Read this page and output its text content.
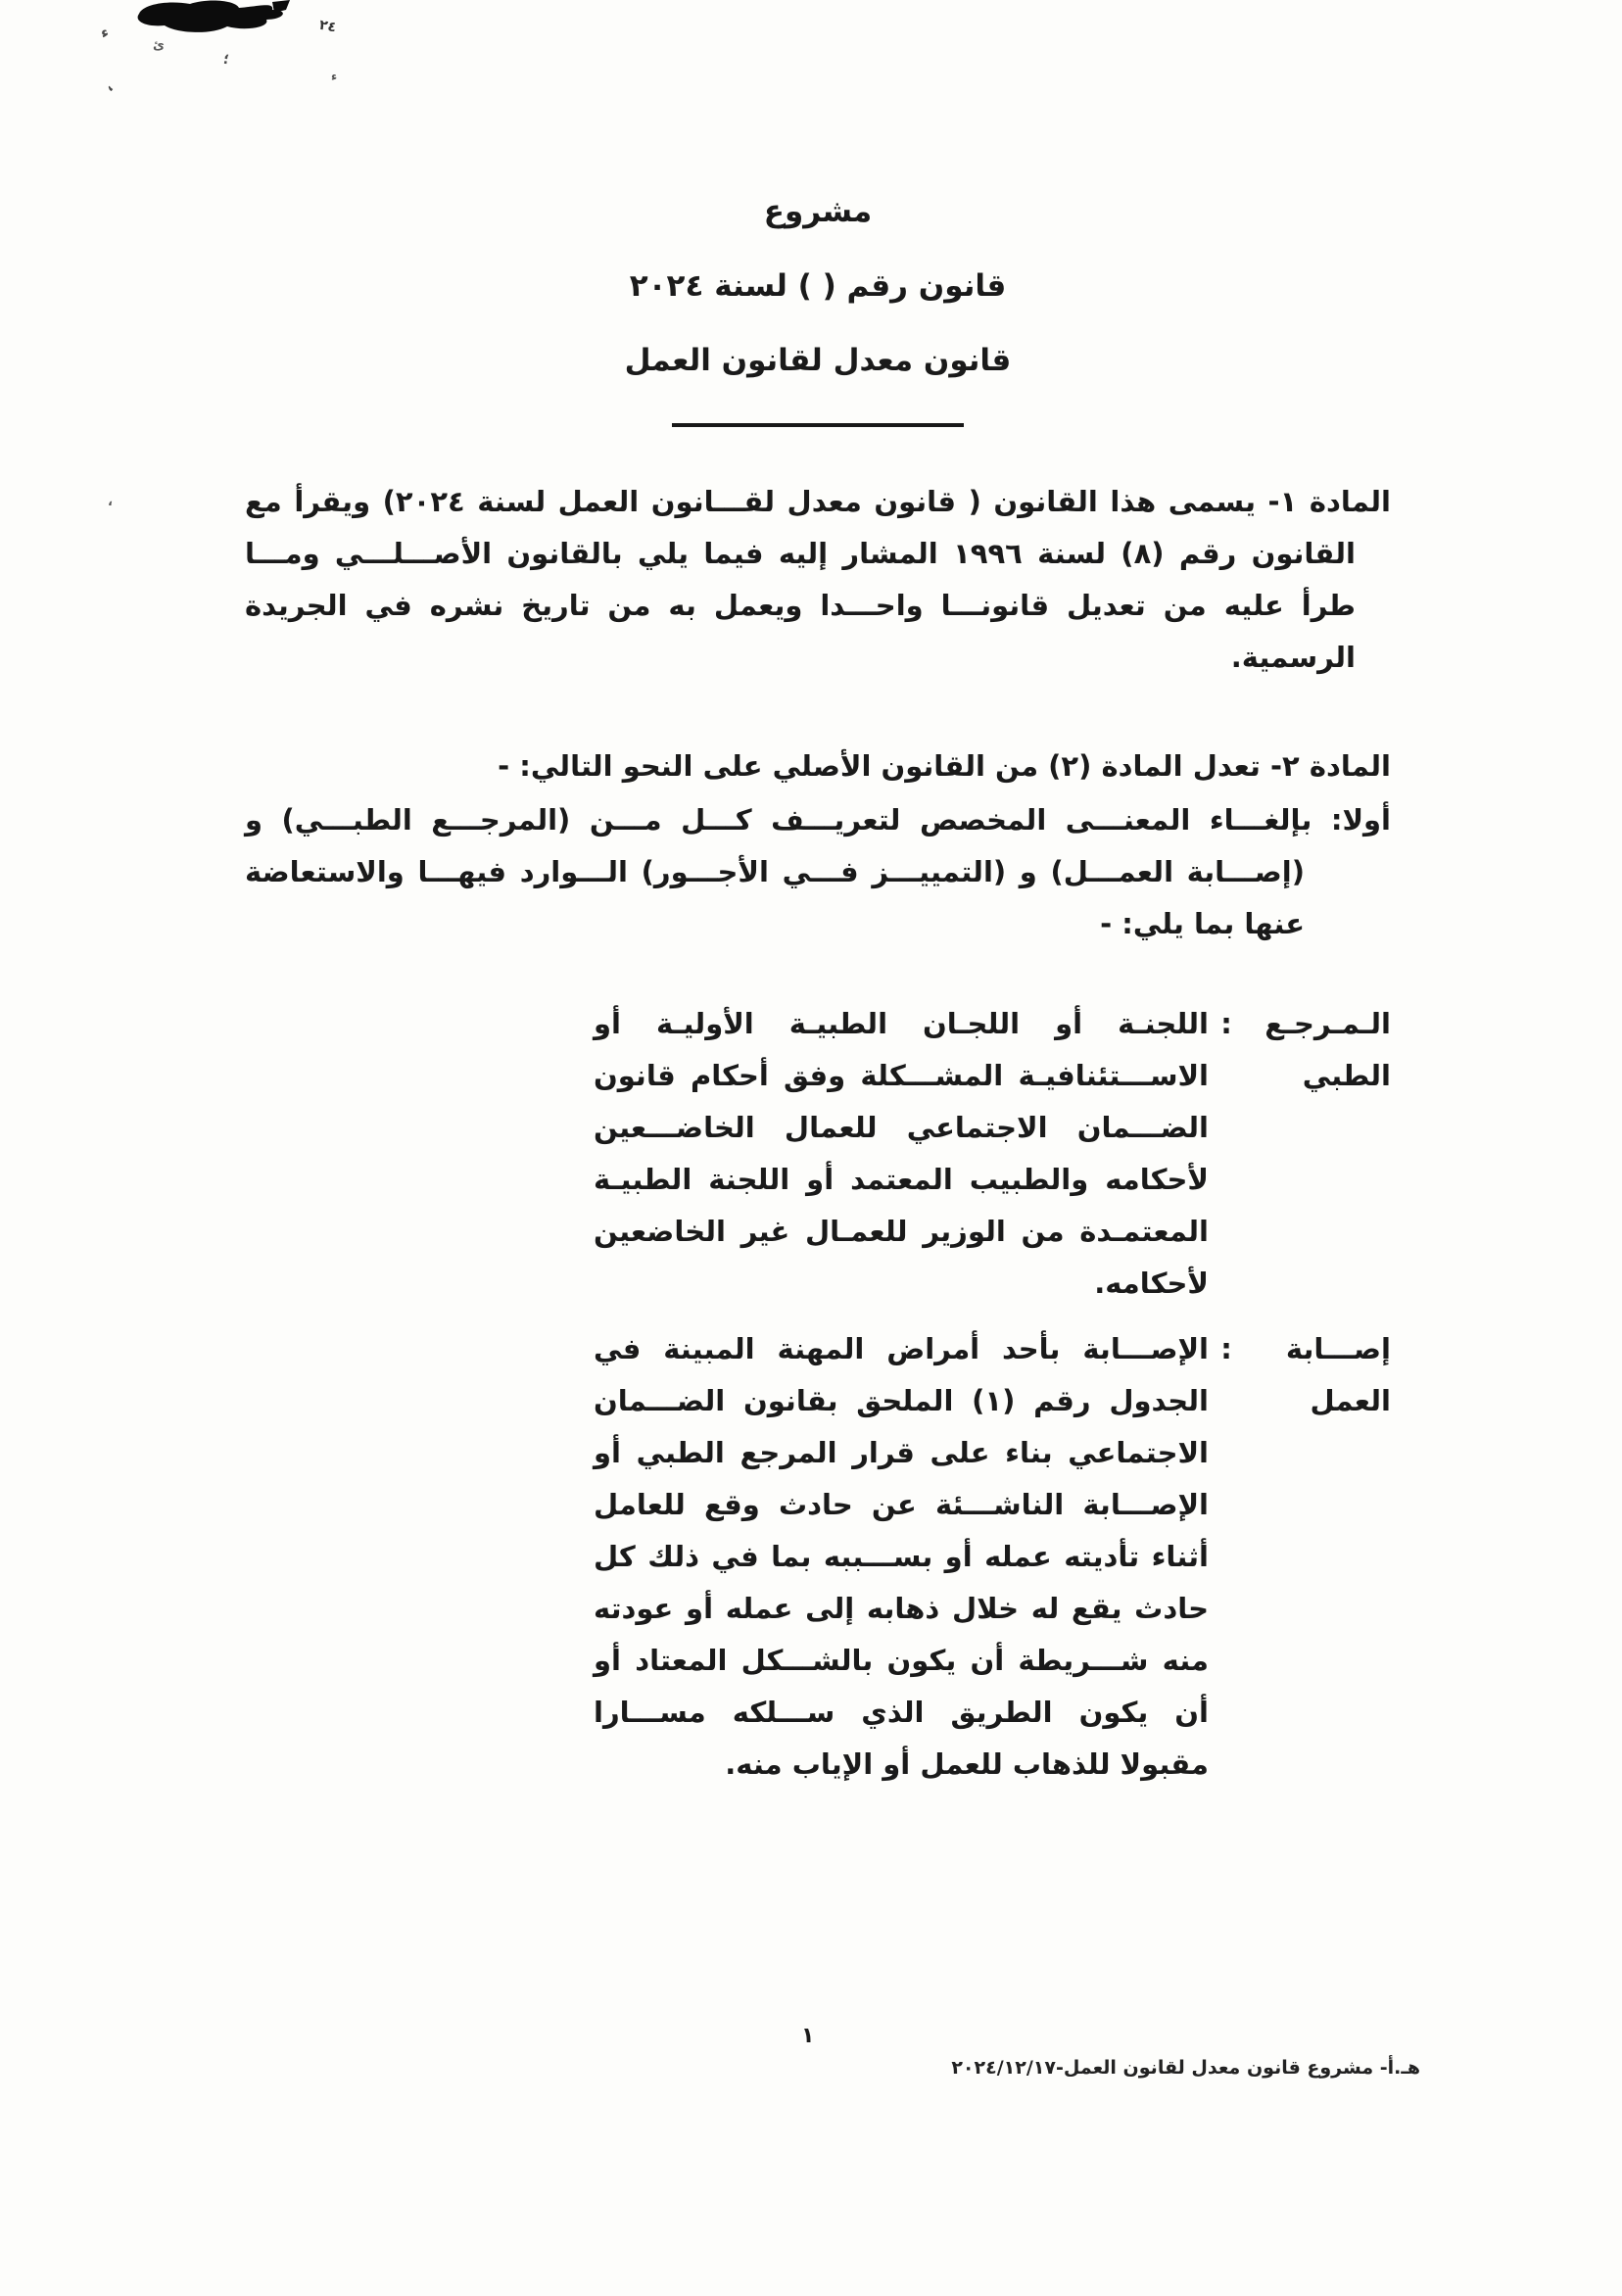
ء
ئ
؛
٢٤
ء
،
،
مشروع
قانون رقم ( ) لسنة ٢٠٢٤
قانون معدل لقانون العمل

المادة ١- يسمى هذا القانون ( قانون معدل لقـــانون العمل لسنة ٢٠٢٤) ويقرأ مع القانون رقم (٨) لسنة ١٩٩٦ المشار إليه فيما يلي بالقانون الأصـــلـــي ومـــا طرأ عليه من تعديل قانونـــا واحـــدا ويعمل به من تاريخ نشره في الجريدة الرسمية.

المادة ٢- تعدل المادة (٢) من القانون الأصلي على النحو التالي: -

أولا: بإلغـــاء المعنـــى المخصص لتعريـــف كـــل مـــن (المرجـــع الطبـــي) و (إصـــابة العمـــل) و (التمييـــز فـــي الأجـــور) الـــوارد فيهـــا والاستعاضة عنها بما يلي: -

الـمـرجـع
الطبي
:

اللجنـة أو اللجـان الطبيـة الأوليـة أو الاســـتئنافيـة المشـــكلة وفق أحكام قانون الضـــمان الاجتماعي للعمال الخاضـــعين لأحكامه والطبيب المعتمد أو اللجنة الطبيـة المعتمـدة من الوزير للعمـال غير الخاضعين لأحكامه.

إصـــابة
العمل
:

الإصـــابة بأحد أمراض المهنة المبينة في الجدول رقم (١) الملحق بقانون الضـــمان الاجتماعي بناء على قرار المرجع الطبي أو الإصـــابة الناشـــئة عن حادث وقع للعامل أثناء تأديته عمله أو بســـببه بما في ذلك كل حادث يقع له خلال ذهابه إلى عمله أو عودته منه شـــريطة أن يكون بالشـــكل المعتاد أو أن يكون الطريق الذي ســـلكه مســـارا مقبولا للذهاب للعمل أو الإياب منه.

١
هـ.أ- مشروع قانون معدل لقانون العمل-٢٠٢٤/١٢/١٧
